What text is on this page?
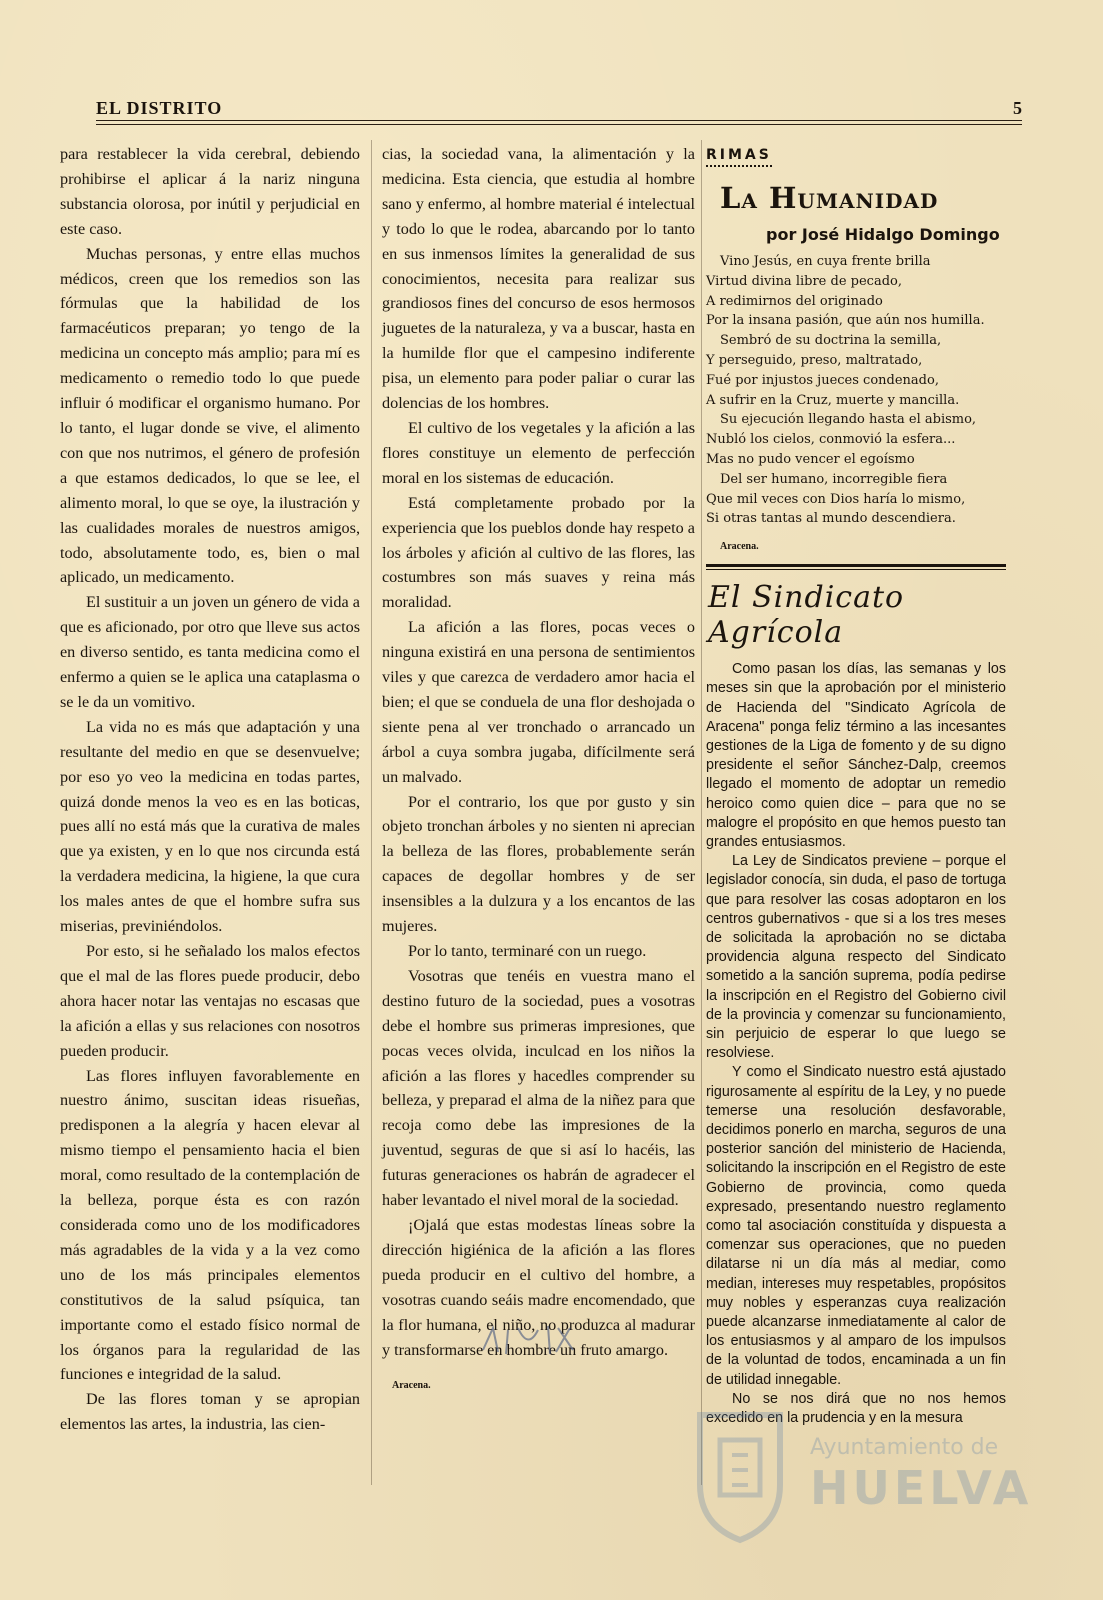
EL DISTRITO	5

para restablecer la vida cerebral, debiendo prohibirse el aplicar á la nariz ninguna substancia olorosa, por inútil y perjudicial en este caso.

Muchas personas, y entre ellas muchos médicos, creen que los remedios son las fórmulas que la habilidad de los farmacéuticos preparan; yo tengo de la medicina un concepto más amplio; para mí es medicamento o remedio todo lo que puede influir ó modificar el organismo humano. Por lo tanto, el lugar donde se vive, el alimento con que nos nutrimos, el género de profesión a que estamos dedicados, lo que se lee, el alimento moral, lo que se oye, la ilustración y las cualidades morales de nuestros amigos, todo, absolutamente todo, es, bien o mal aplicado, un medicamento.

El sustituir a un joven un género de vida a que es aficionado, por otro que lleve sus actos en diverso sentido, es tanta medicina como el enfermo a quien se le aplica una cataplasma o se le da un vomitivo.

La vida no es más que adaptación y una resultante del medio en que se desenvuelve; por eso yo veo la medicina en todas partes, quizá donde menos la veo es en las boticas, pues allí no está más que la curativa de males que ya existen, y en lo que nos circunda está la verdadera medicina, la higiene, la que cura los males antes de que el hombre sufra sus miserias, previniéndolos.

Por esto, si he señalado los malos efectos que el mal de las flores puede producir, debo ahora hacer notar las ventajas no escasas que la afición a ellas y sus relaciones con nosotros pueden producir.

Las flores influyen favorablemente en nuestro ánimo, suscitan ideas risueñas, predisponen a la alegría y hacen elevar al mismo tiempo el pensamiento hacia el bien moral, como resultado de la contemplación de la belleza, porque ésta es con razón considerada como uno de los modificadores más agradables de la vida y a la vez como uno de los más principales elementos constitutivos de la salud psíquica, tan importante como el estado físico normal de los órganos para la regularidad de las funciones e integridad de la salud.

De las flores toman y se apropian elementos las artes, la industria, las cien-

cias, la sociedad vana, la alimentación y la medicina. Esta ciencia, que estudia al hombre sano y enfermo, al hombre material é intelectual y todo lo que le rodea, abarcando por lo tanto en sus inmensos límites la generalidad de sus conocimientos, necesita para realizar sus grandiosos fines del concurso de esos hermosos juguetes de la naturaleza, y va a buscar, hasta en la humilde flor que el campesino indiferente pisa, un elemento para poder paliar o curar las dolencias de los hombres.

El cultivo de los vegetales y la afición a las flores constituye un elemento de perfección moral en los sistemas de educación.

Está completamente probado por la experiencia que los pueblos donde hay respeto a los árboles y afición al cultivo de las flores, las costumbres son más suaves y reina más moralidad.

La afición a las flores, pocas veces o ninguna existirá en una persona de sentimientos viles y que carezca de verdadero amor hacia el bien; el que se conduela de una flor deshojada o siente pena al ver tronchado o arrancado un árbol a cuya sombra jugaba, difícilmente será un malvado.

Por el contrario, los que por gusto y sin objeto tronchan árboles y no sienten ni aprecian la belleza de las flores, probablemente serán capaces de degollar hombres y de ser insensibles a la dulzura y a los encantos de las mujeres.

Por lo tanto, terminaré con un ruego.

Vosotras que tenéis en vuestra mano el destino futuro de la sociedad, pues a vosotras debe el hombre sus primeras impresiones, que pocas veces olvida, inculcad en los niños la afición a las flores y hacedles comprender su belleza, y preparad el alma de la niñez para que recoja como debe las impresiones de la juventud, seguras de que si así lo hacéis, las futuras generaciones os habrán de agradecer el haber levantado el nivel moral de la sociedad.

¡Ojalá que estas modestas líneas sobre la dirección higiénica de la afición a las flores pueda producir en el cultivo del hombre, a vosotras cuando seáis madre encomendado, que la flor humana, el niño, no produzca al madurar y transformarse en hombre un fruto amargo.

Aracena.
RIMAS
La Humanidad
por José Hidalgo Domingo
Vino Jesús, en cuya frente brilla
Virtud divina libre de pecado,
A redimirnos del originado
Por la insana pasión, que aún nos humilla.
Sembró de su doctrina la semilla,
Y perseguido, preso, maltratado,
Fué por injustos jueces condenado,
A sufrir en la Cruz, muerte y mancilla.
Su ejecución llegando hasta el abismo,
Nubló los cielos, conmovió la esfera...
Mas no pudo vencer el egoísmo
Del ser humano, incorregible fiera
Que mil veces con Dios haría lo mismo,
Si otras tantas al mundo descendiera.
Aracena.
El Sindicato Agrícola

Como pasan los días, las semanas y los meses sin que la aprobación por el ministerio de Hacienda del "Sindicato Agrícola de Aracena" ponga feliz término a las incesantes gestiones de la Liga de fomento y de su digno presidente el señor Sánchez-Dalp, creemos llegado el momento de adoptar un remedio heroico como quien dice – para que no se malogre el propósito en que hemos puesto tan grandes entusiasmos.

La Ley de Sindicatos previene – porque el legislador conocía, sin duda, el paso de tortuga que para resolver las cosas adoptaron en los centros gubernativos - que si a los tres meses de solicitada la aprobación no se dictaba providencia alguna respecto del Sindicato sometido a la sanción suprema, podía pedirse la inscripción en el Registro del Gobierno civil de la provincia y comenzar su funcionamiento, sin perjuicio de esperar lo que luego se resolviese.

Y como el Sindicato nuestro está ajustado rigurosamente al espíritu de la Ley, y no puede temerse una resolución desfavorable, decidimos ponerlo en marcha, seguros de una posterior sanción del ministerio de Hacienda, solicitando la inscripción en el Registro de este Gobierno de provincia, como queda expresado, presentando nuestro reglamento como tal asociación constituída y dispuesta a comenzar sus operaciones, que no pueden dilatarse ni un día más al mediar, como median, intereses muy respetables, propósitos muy nobles y esperanzas cuya realización puede alcanzarse inmediatamente al calor de los entusiasmos y al amparo de los impulsos de la voluntad de todos, encaminada a un fin de utilidad innegable.

No se nos dirá que no nos hemos excedido en la prudencia y en la mesura

Ayuntamiento de
HUELVA
